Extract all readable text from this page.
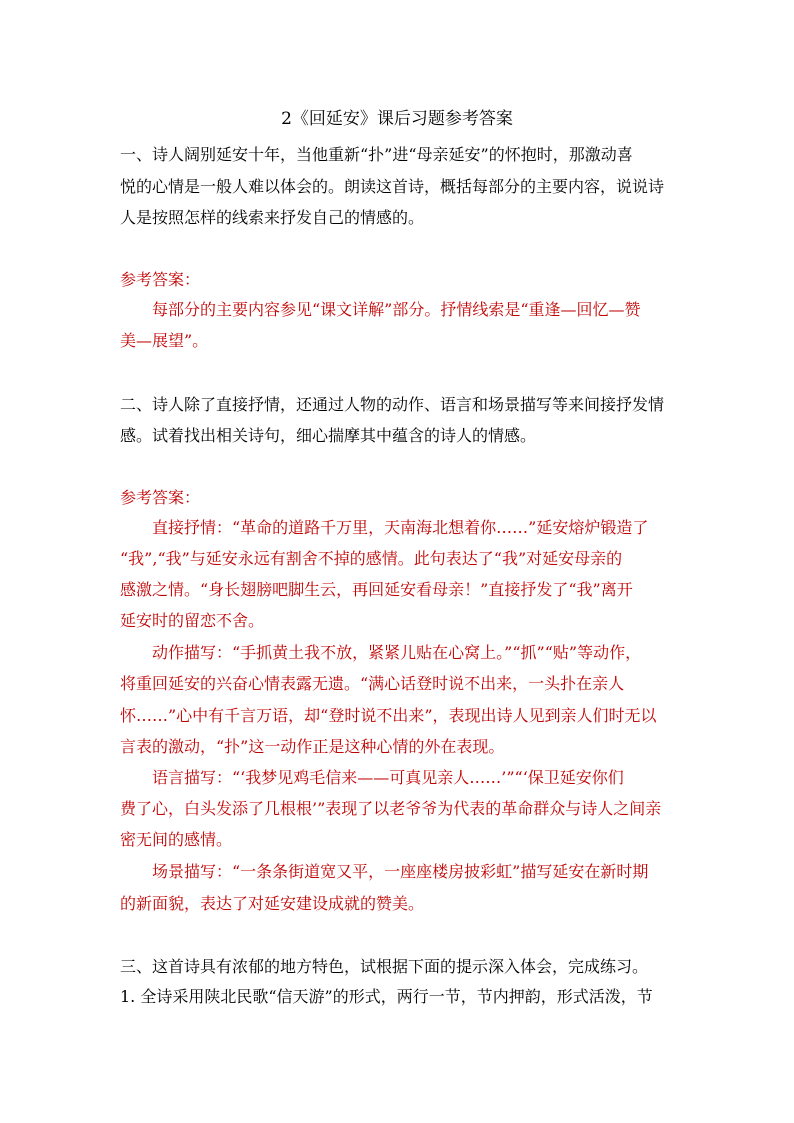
2《回延安》课后习题参考答案
一、诗人阔别延安十年，当他重新“扑”进“母亲延安”的怀抱时，那激动喜
悦的心情是一般人难以体会的。朗读这首诗，概括每部分的主要内容，说说诗
人是按照怎样的线索来抒发自己的情感的。
参考答案：
每部分的主要内容参见“课文详解”部分。抒情线索是“重逢—回忆—赞
美—展望”。
二、诗人除了直接抒情，还通过人物的动作、语言和场景描写等来间接抒发情
感。试着找出相关诗句，细心揣摩其中蕴含的诗人的情感。
参考答案：
直接抒情：“革命的道路千万里，天南海北想着你……”延安熔炉锻造了
“我”,“我”与延安永远有割舍不掉的感情。此句表达了“我”对延安母亲的
感激之情。“身长翅膀吧脚生云，再回延安看母亲！”直接抒发了“我”离开
延安时的留恋不舍。
动作描写：“手抓黄土我不放，紧紧儿贴在心窝上。”“抓”“贴”等动作，
将重回延安的兴奋心情表露无遗。“满心话登时说不出来，一头扑在亲人
怀……”心中有千言万语，却“登时说不出来”，表现出诗人见到亲人们时无以
言表的激动，“扑”这一动作正是这种心情的外在表现。
语言描写：“‘我梦见鸡毛信来——可真见亲人……’”“‘保卫延安你们
费了心，白头发添了几根根’”表现了以老爷爷为代表的革命群众与诗人之间亲
密无间的感情。
场景描写：“一条条街道宽又平，一座座楼房披彩虹”描写延安在新时期
的新面貌，表达了对延安建设成就的赞美。
三、这首诗具有浓郁的地方特色，试根据下面的提示深入体会，完成练习。
1. 全诗采用陕北民歌“信天游”的形式，两行一节，节内押韵，形式活泼，节
